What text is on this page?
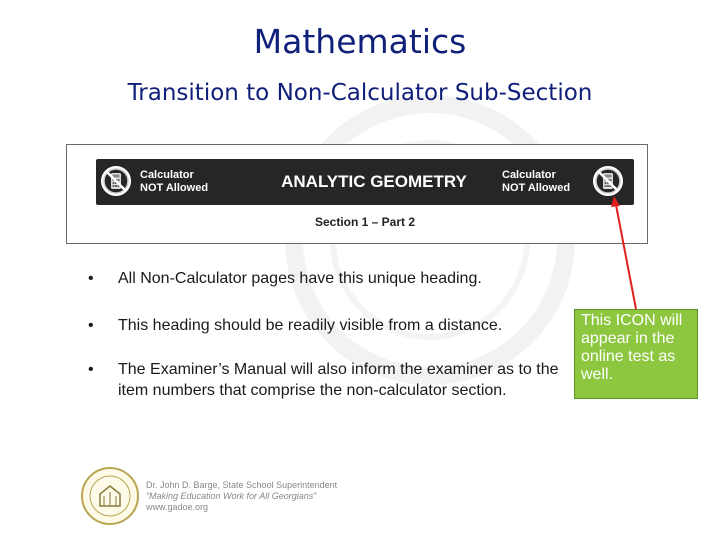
Mathematics
Transition to Non-Calculator Sub-Section
Calculator
NOT Allowed	ANALYTIC GEOMETRY	Calculator
NOT Allowed
Section 1 – Part 2
• All Non-Calculator pages have this unique heading.
• This heading should be readily visible from a distance.
• The Examiner’s Manual will also inform the examiner as to the item numbers that comprise the non-calculator section.
This ICON will appear in the online test as well.
Dr. John D. Barge, State School Superintendent
“Making Education Work for All Georgians”
www.gadoe.org
